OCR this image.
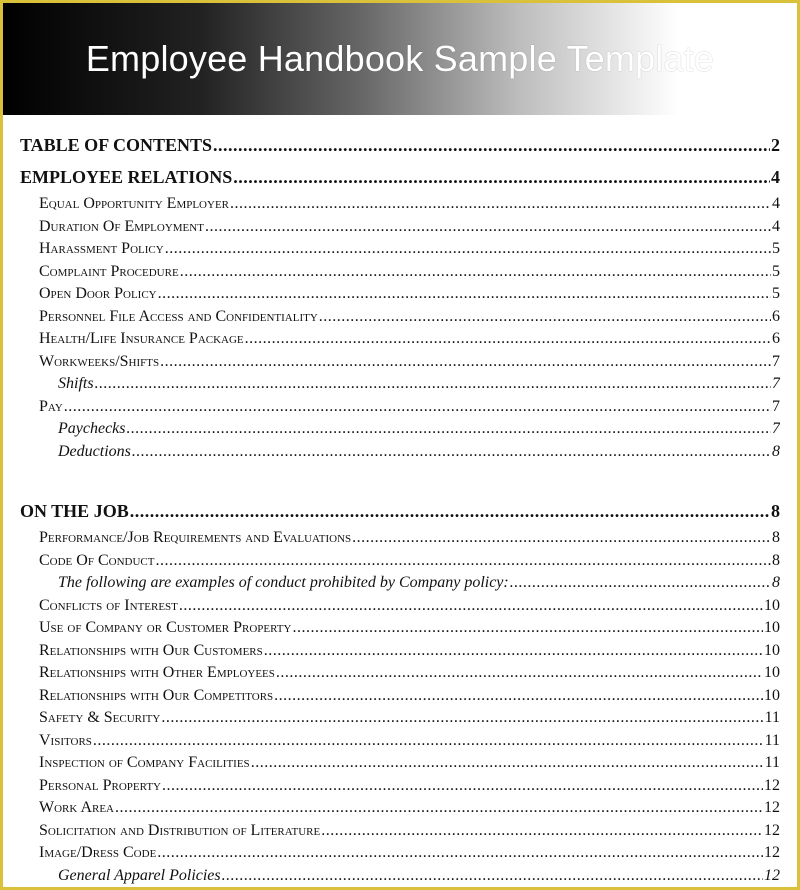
Employee Handbook Sample Template
TABLE OF CONTENTS .....	2
EMPLOYEE RELATIONS .....	4
Equal Opportunity Employer .....	4
Duration Of Employment .....	4
Harassment Policy .....	5
Complaint Procedure .....	5
Open Door Policy .....	5
Personnel File Access and Confidentiality .....	6
Health/Life Insurance Package .....	6
Workweeks/Shifts .....	7
Shifts .....	7
Pay .....	7
Paychecks .....	7
Deductions .....	8
ON THE JOB .....	8
Performance/Job Requirements and Evaluations .....	8
Code Of Conduct .....	8
The following are examples of conduct prohibited by Company policy: .....	8
Conflicts of Interest .....	10
Use of Company or Customer Property .....	10
Relationships with Our Customers .....	10
Relationships with Other Employees .....	10
Relationships with Our Competitors .....	10
Safety & Security .....	11
Visitors .....	11
Inspection of Company Facilities .....	11
Personal Property .....	12
Work Area .....	12
Solicitation and Distribution of Literature .....	12
Image/Dress Code .....	12
General Apparel Policies .....	12
